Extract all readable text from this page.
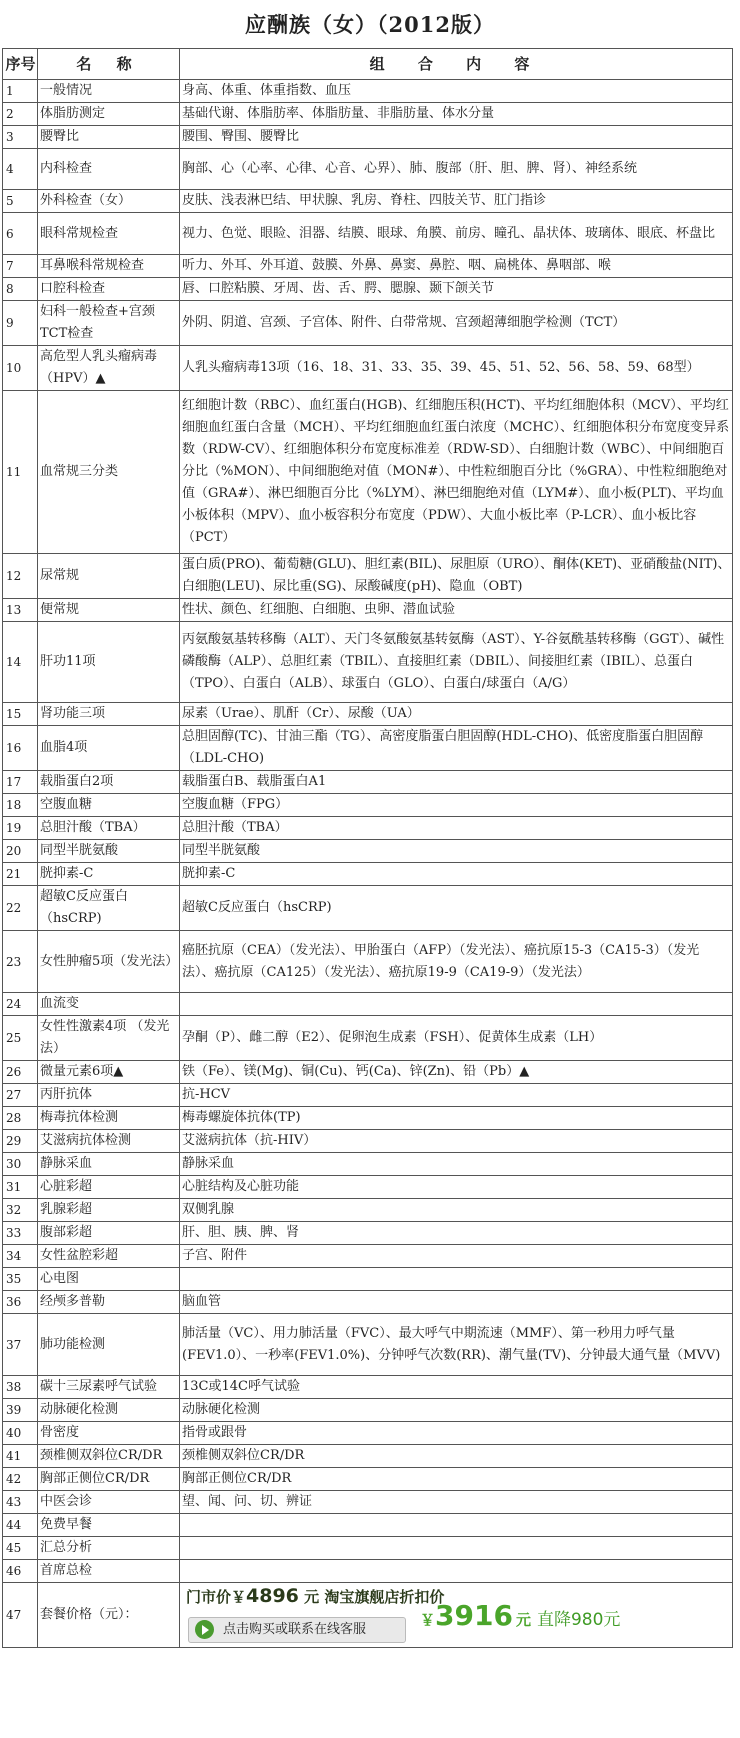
应酬族（女）（2012版）
序号	名 称	组 合 内 容
1	一般情况	身高、体重、体重指数、血压
2	体脂肪测定	基础代谢、体脂肪率、体脂肪量、非脂肪量、体水分量
3	腰臀比	腰围、臀围、腰臀比
4	内科检查	胸部、心（心率、心律、心音、心界）、肺、腹部（肝、胆、脾、肾）、神经系统
5	外科检查（女）	皮肤、浅表淋巴结、甲状腺、乳房、脊柱、四肢关节、肛门指诊
6	眼科常规检查	视力、色觉、眼睑、泪器、结膜、眼球、角膜、前房、瞳孔、晶状体、玻璃体、眼底、杯盘比
7	耳鼻喉科常规检查	听力、外耳、外耳道、鼓膜、外鼻、鼻窦、鼻腔、咽、扁桃体、鼻咽部、喉
8	口腔科检查	唇、口腔粘膜、牙周、齿、舌、腭、腮腺、颞下颌关节
9	妇科一般检查+宫颈TCT检查	外阴、阴道、宫颈、子宫体、附件、白带常规、宫颈超薄细胞学检测（TCT）
10	高危型人乳头瘤病毒（HPV）▲	人乳头瘤病毒13项（16、18、31、33、35、39、45、51、52、56、58、59、68型）
11	血常规三分类	红细胞计数（RBC）、血红蛋白(HGB)、红细胞压积(HCT)、平均红细胞体积（MCV）、平均红细胞血红蛋白含量（MCH）、平均红细胞血红蛋白浓度（MCHC）、红细胞体积分布宽度变异系数（RDW-CV）、红细胞体积分布宽度标准差（RDW-SD）、白细胞计数（WBC）、中间细胞百分比（%MON）、中间细胞绝对值（MON#）、中性粒细胞百分比（%GRA）、中性粒细胞绝对值（GRA#）、淋巴细胞百分比（%LYM）、淋巴细胞绝对值（LYM#）、血小板(PLT)、平均血小板体积（MPV）、血小板容积分布宽度（PDW）、大血小板比率（P-LCR）、血小板比容（PCT）
12	尿常规	蛋白质(PRO)、葡萄糖(GLU)、胆红素(BIL)、尿胆原（URO）、酮体(KET)、亚硝酸盐(NIT)、白细胞(LEU)、尿比重(SG)、尿酸碱度(pH)、隐血（OBT)
13	便常规	性状、颜色、红细胞、白细胞、虫卵、潜血试验
14	肝功11项	丙氨酸氨基转移酶（ALT）、天门冬氨酸氨基转氨酶（AST）、Y-谷氨酰基转移酶（GGT）、碱性磷酸酶（ALP）、总胆红素（TBIL）、直接胆红素（DBIL）、间接胆红素（IBIL）、总蛋白（TPO）、白蛋白（ALB）、球蛋白（GLO）、白蛋白/球蛋白（A/G）
15	肾功能三项	尿素（Urae）、肌酐（Cr）、尿酸（UA）
16	血脂4项	总胆固醇(TC)、甘油三酯（TG）、高密度脂蛋白胆固醇(HDL-CHO)、低密度脂蛋白胆固醇（LDL-CHO)
17	载脂蛋白2项	载脂蛋白B、载脂蛋白A1
18	空腹血糖	空腹血糖（FPG）
19	总胆汁酸（TBA）	总胆汁酸（TBA）
20	同型半胱氨酸	同型半胱氨酸
21	胱抑素-C	胱抑素-C
22	超敏C反应蛋白（hsCRP)	超敏C反应蛋白（hsCRP)
23	女性肿瘤5项（发光法）	癌胚抗原（CEA）（发光法）、甲胎蛋白（AFP）（发光法）、癌抗原15-3（CA15-3）（发光法）、癌抗原（CA125）（发光法）、癌抗原19-9（CA19-9）（发光法）
24	血流变	
25	女性性激素4项 （发光法）	孕酮（P）、雌二醇（E2）、促卵泡生成素（FSH）、促黄体生成素（LH）
26	微量元素6项▲	铁（Fe）、镁(Mg)、铜(Cu)、钙(Ca)、锌(Zn)、铅（Pb）▲
27	丙肝抗体	抗-HCV
28	梅毒抗体检测	梅毒螺旋体抗体(TP)
29	艾滋病抗体检测	艾滋病抗体（抗-HIV）
30	静脉采血	静脉采血
31	心脏彩超	心脏结构及心脏功能
32	乳腺彩超	双侧乳腺
33	腹部彩超	肝、胆、胰、脾、肾
34	女性盆腔彩超	子宫、附件
35	心电图	
36	经颅多普勒	脑血管
37	肺功能检测	肺活量（VC）、用力肺活量（FVC）、最大呼气中期流速（MMF）、第一秒用力呼气量(FEV1.0）、一秒率(FEV1.0%)、分钟呼气次数(RR)、潮气量(TV)、分钟最大通气量（MVV)
38	碳十三尿素呼气试验	13C或14C呼气试验
39	动脉硬化检测	动脉硬化检测
40	骨密度	指骨或跟骨
41	颈椎侧双斜位CR/DR	颈椎侧双斜位CR/DR
42	胸部正侧位CR/DR	胸部正侧位CR/DR
43	中医会诊	望、闻、问、切、辨证
44	免费早餐	
45	汇总分析	
46	首席总检	
47	套餐价格（元）：	门市价￥4896 元 淘宝旗舰店折扣价
点击购买或联系在线客服
￥3916 元 直降980元
